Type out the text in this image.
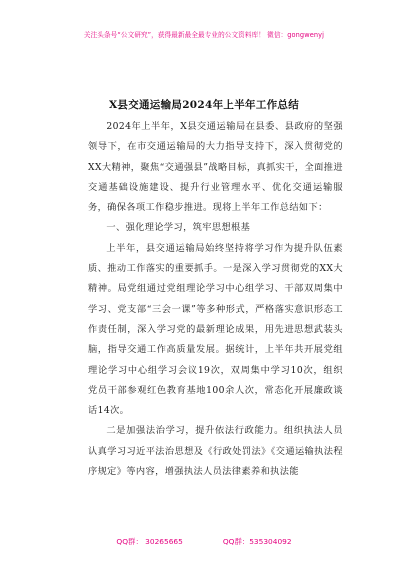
关注头条号“公文研究”，获得最新最全最专业的公文资料库！ 微信：gongwenyj
X县交通运输局2024年上半年工作总结

2024年上半年，X县交通运输局在县委、县政府的坚强领导下，在市交通运输局的大力指导支持下，深入贯彻党的XX大精神，聚焦“交通强县”战略目标，真抓实干，全面推进交通基础设施建设、提升行业管理水平、优化交通运输服务，确保各项工作稳步推进。现将上半年工作总结如下：

一、强化理论学习，筑牢思想根基

上半年，县交通运输局始终坚持将学习作为提升队伍素质、推动工作落实的重要抓手。一是深入学习贯彻党的XX大精神。局党组通过党组理论学习中心组学习、干部双周集中学习、党支部“三会一课”等多种形式，严格落实意识形态工作责任制，深入学习党的最新理论成果，用先进思想武装头脑，指导交通工作高质量发展。据统计，上半年共开展党组理论学习中心组学习会议19次，双周集中学习10次，组织党员干部参观红色教育基地100余人次，常态化开展廉政谈话14次。

二是加强法治学习，提升依法行政能力。组织执法人员认真学习习近平法治思想及《行政处罚法》《交通运输执法程序规定》等内容，增强执法人员法律素养和执法能

QQ群： 30265665	QQ群：535304092
